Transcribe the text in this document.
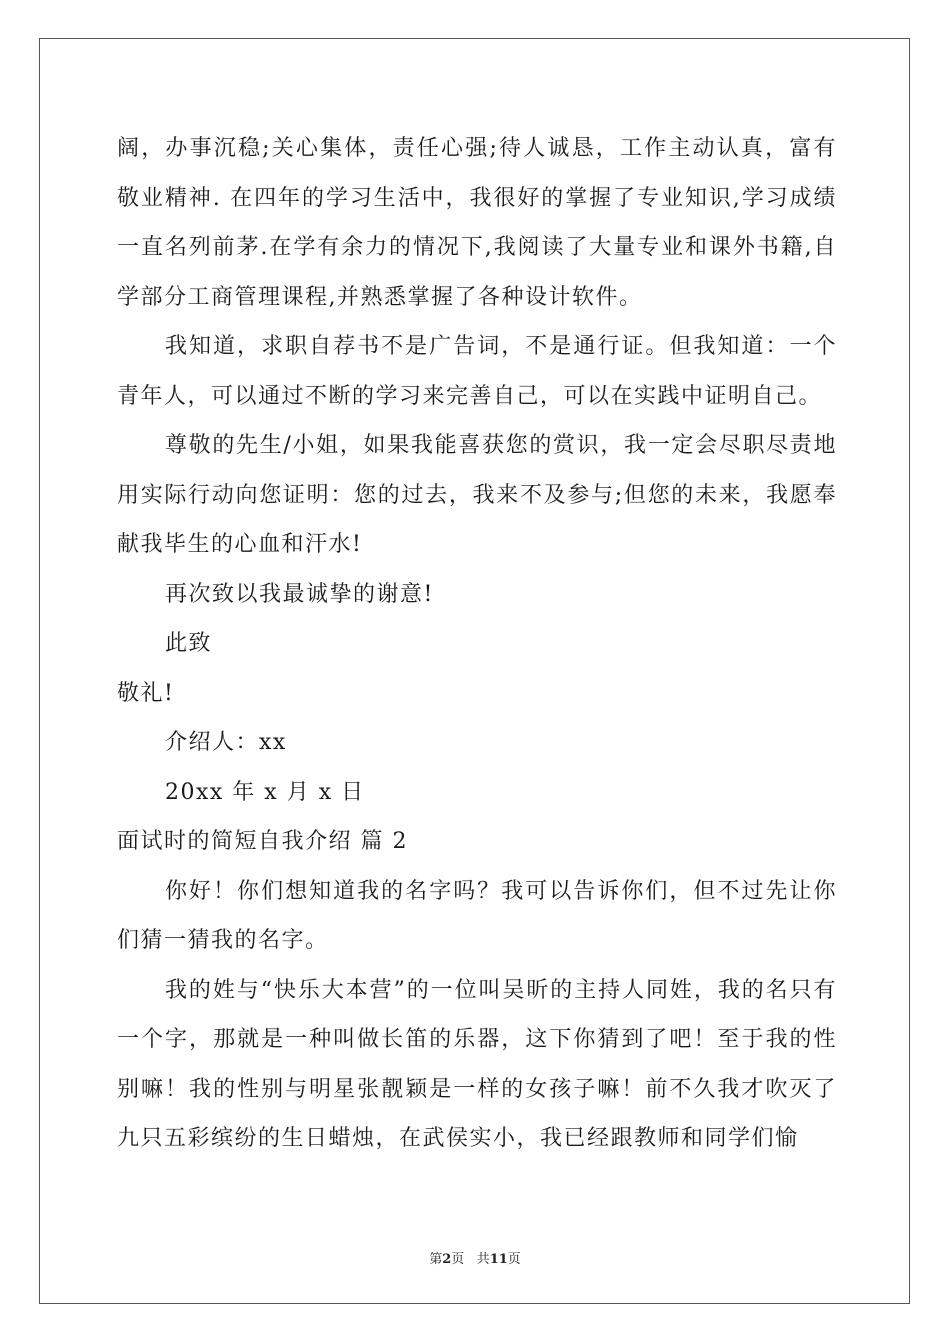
阔，办事沉稳;关心集体，责任心强;待人诚恳，工作主动认真，富有敬业精神. 在四年的学习生活中，我很好的掌握了专业知识,学习成绩一直名列前茅.在学有余力的情况下,我阅读了大量专业和课外书籍,自学部分工商管理课程,并熟悉掌握了各种设计软件。

我知道，求职自荐书不是广告词，不是通行证。但我知道：一个青年人，可以通过不断的学习来完善自己，可以在实践中证明自己。

尊敬的先生/小姐，如果我能喜获您的赏识，我一定会尽职尽责地用实际行动向您证明：您的过去，我来不及参与;但您的未来，我愿奉献我毕生的心血和汗水!

再次致以我最诚挚的谢意!

此致

敬礼!

介绍人：xx

20xx 年 x 月 x 日

面试时的简短自我介绍 篇 2

你好！你们想知道我的名字吗？我可以告诉你们，但不过先让你们猜一猜我的名字。

我的姓与“快乐大本营”的一位叫吴昕的主持人同姓，我的名只有一个字，那就是一种叫做长笛的乐器，这下你猜到了吧！至于我的性别嘛！我的性别与明星张靓颖是一样的女孩子嘛！前不久我才吹灭了九只五彩缤纷的生日蜡烛，在武侯实小，我已经跟教师和同学们愉

第2页 共11页
